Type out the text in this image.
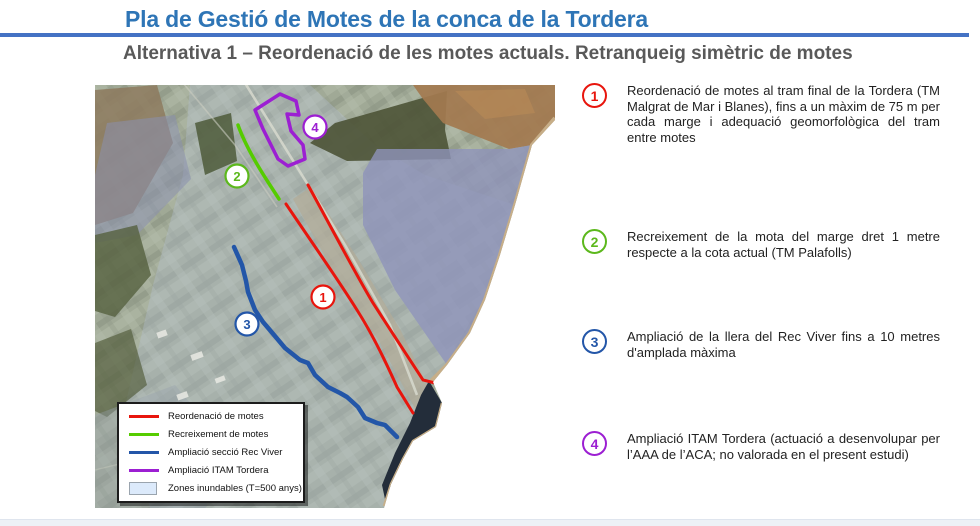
Pla de Gestió de Motes de la conca de la Tordera
Alternativa 1 – Reordenació de les motes actuals. Retranqueig simètric de motes
1
2
3
4
Reordenació de motes
Recreixement de motes
Ampliació secció Rec Viver
Ampliació ITAM Tordera
Zones inundables (T=500 anys)
1 Reordenació de motes al tram final de la Tordera (TM Malgrat de Mar i Blanes), fins a un màxim de 75 m per cada marge i adequació geomorfològica del tram entre motes
2 Recreixement de la mota del marge dret 1 metre respecte a la cota actual (TM Palafolls)
3 Ampliació de la llera del Rec Viver fins a 10 metres d'amplada màxima
4 Ampliació ITAM Tordera (actuació a desenvolupar per l’AAA de l’ACA; no valorada en el present estudi)
